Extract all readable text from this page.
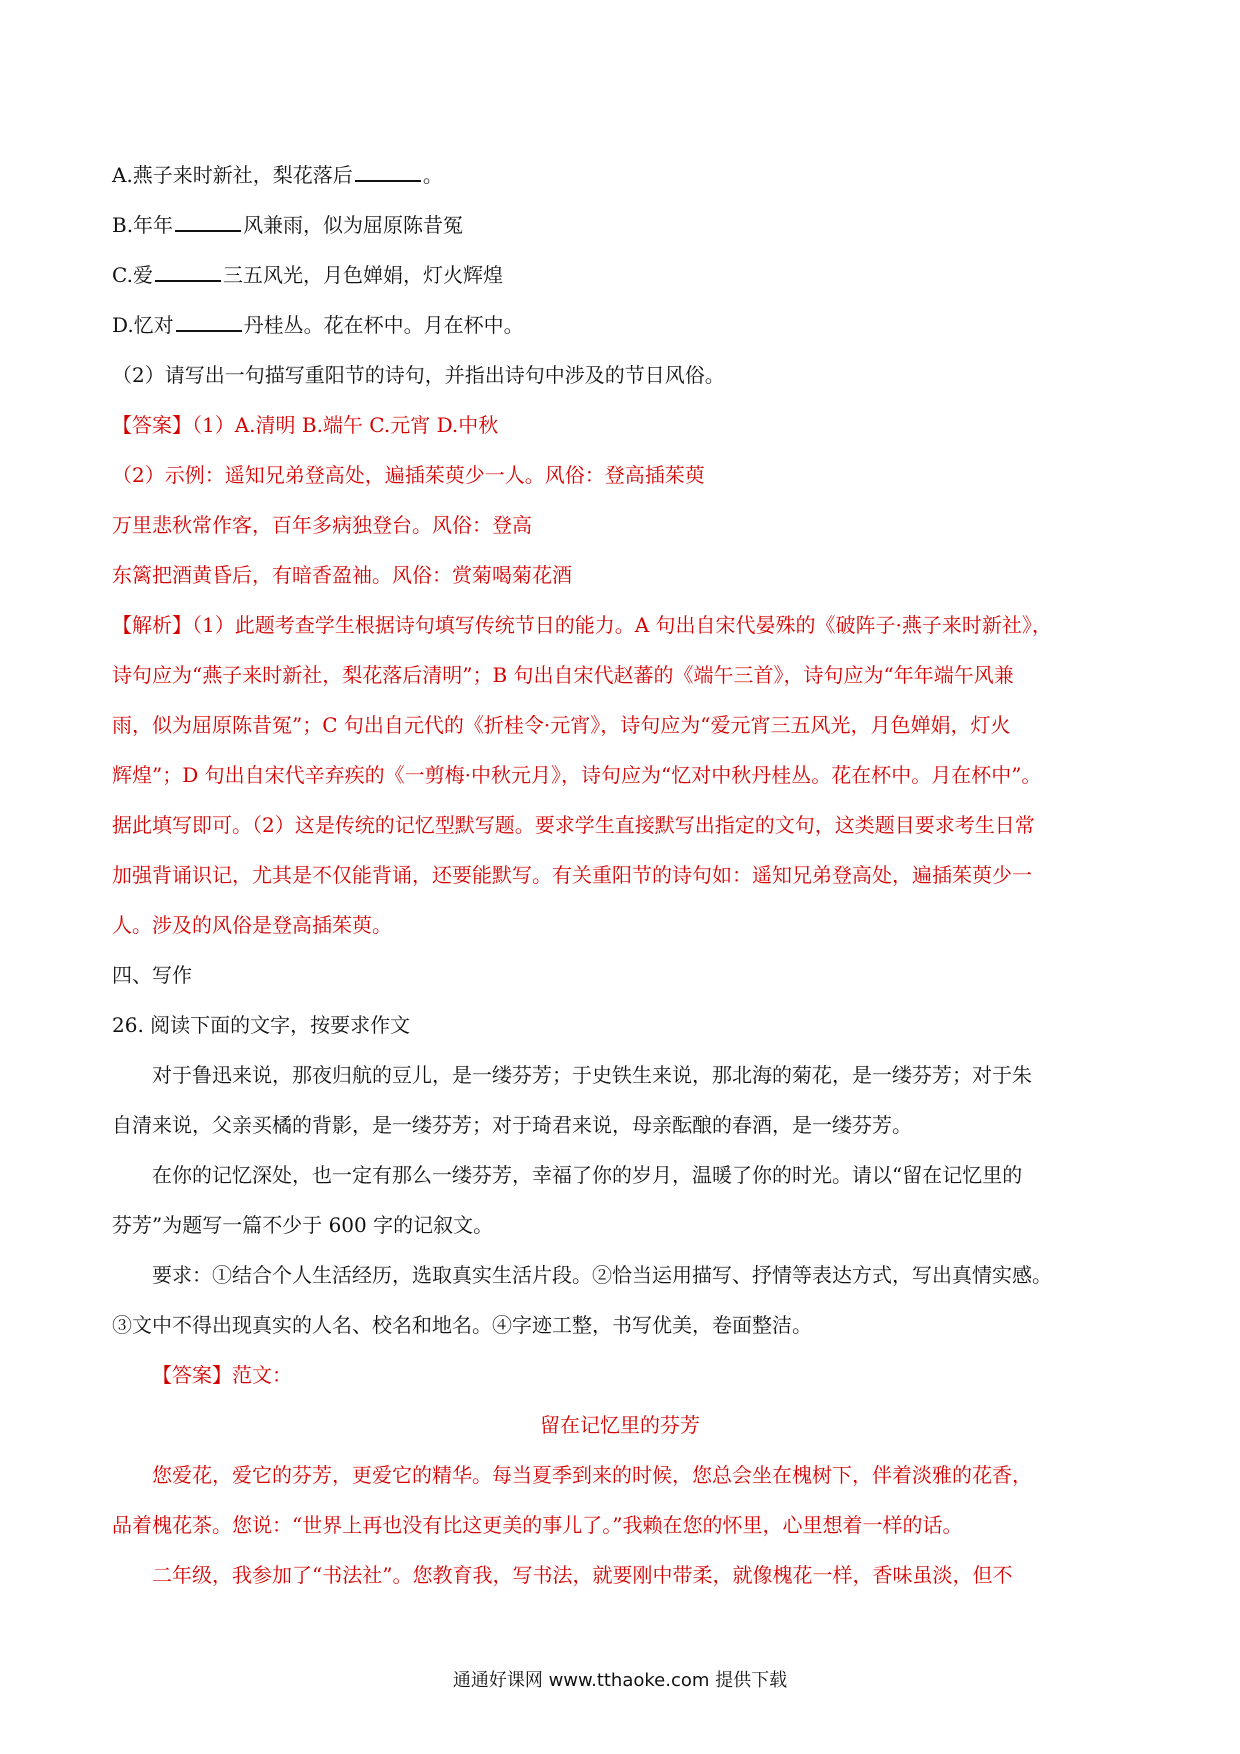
A.燕子来时新社，梨花落后	。
B.年年	风兼雨，似为屈原陈昔冤
C.爱	三五风光，月色婵娟，灯火辉煌
D.忆对	丹桂丛。花在杯中。月在杯中。
（2）请写出一句描写重阳节的诗句，并指出诗句中涉及的节日风俗。
【答案】（1）A.清明 B.端午 C.元宵 D.中秋
（2）示例：遥知兄弟登高处，遍插茱萸少一人。风俗：登高插茱萸
万里悲秋常作客，百年多病独登台。风俗：登高
东篱把酒黄昏后，有暗香盈袖。风俗：赏菊喝菊花酒
【解析】（1）此题考查学生根据诗句填写传统节日的能力。A 句出自宋代晏殊的《破阵子·燕子来时新社》，
诗句应为“燕子来时新社，梨花落后清明”；B 句出自宋代赵蕃的《端午三首》，诗句应为“年年端午风兼
雨，似为屈原陈昔冤”；C 句出自元代的《折桂令·元宵》，诗句应为“爱元宵三五风光，月色婵娟，灯火
辉煌”；D 句出自宋代辛弃疾的《一剪梅·中秋元月》，诗句应为“忆对中秋丹桂丛。花在杯中。月在杯中”。
据此填写即可。（2）这是传统的记忆型默写题。要求学生直接默写出指定的文句，这类题目要求考生日常
加强背诵识记，尤其是不仅能背诵，还要能默写。有关重阳节的诗句如：遥知兄弟登高处，遍插茱萸少一
人。涉及的风俗是登高插茱萸。
四、写作
26. 阅读下面的文字，按要求作文
对于鲁迅来说，那夜归航的豆儿，是一缕芬芳；于史铁生来说，那北海的菊花，是一缕芬芳；对于朱
自清来说，父亲买橘的背影，是一缕芬芳；对于琦君来说，母亲酝酿的春酒，是一缕芬芳。
在你的记忆深处，也一定有那么一缕芬芳，幸福了你的岁月，温暖了你的时光。请以“留在记忆里的
芬芳”为题写一篇不少于 600 字的记叙文。
要求：①结合个人生活经历，选取真实生活片段。②恰当运用描写、抒情等表达方式，写出真情实感。
③文中不得出现真实的人名、校名和地名。④字迹工整，书写优美，卷面整洁。
【答案】范文：
留在记忆里的芬芳
您爱花，爱它的芬芳，更爱它的精华。每当夏季到来的时候，您总会坐在槐树下，伴着淡雅的花香，
品着槐花茶。您说：“世界上再也没有比这更美的事儿了。”我赖在您的怀里，心里想着一样的话。
二年级，我参加了“书法社”。您教育我，写书法，就要刚中带柔，就像槐花一样，香味虽淡，但不
通通好课网 www.tthaoke.com 提供下载
